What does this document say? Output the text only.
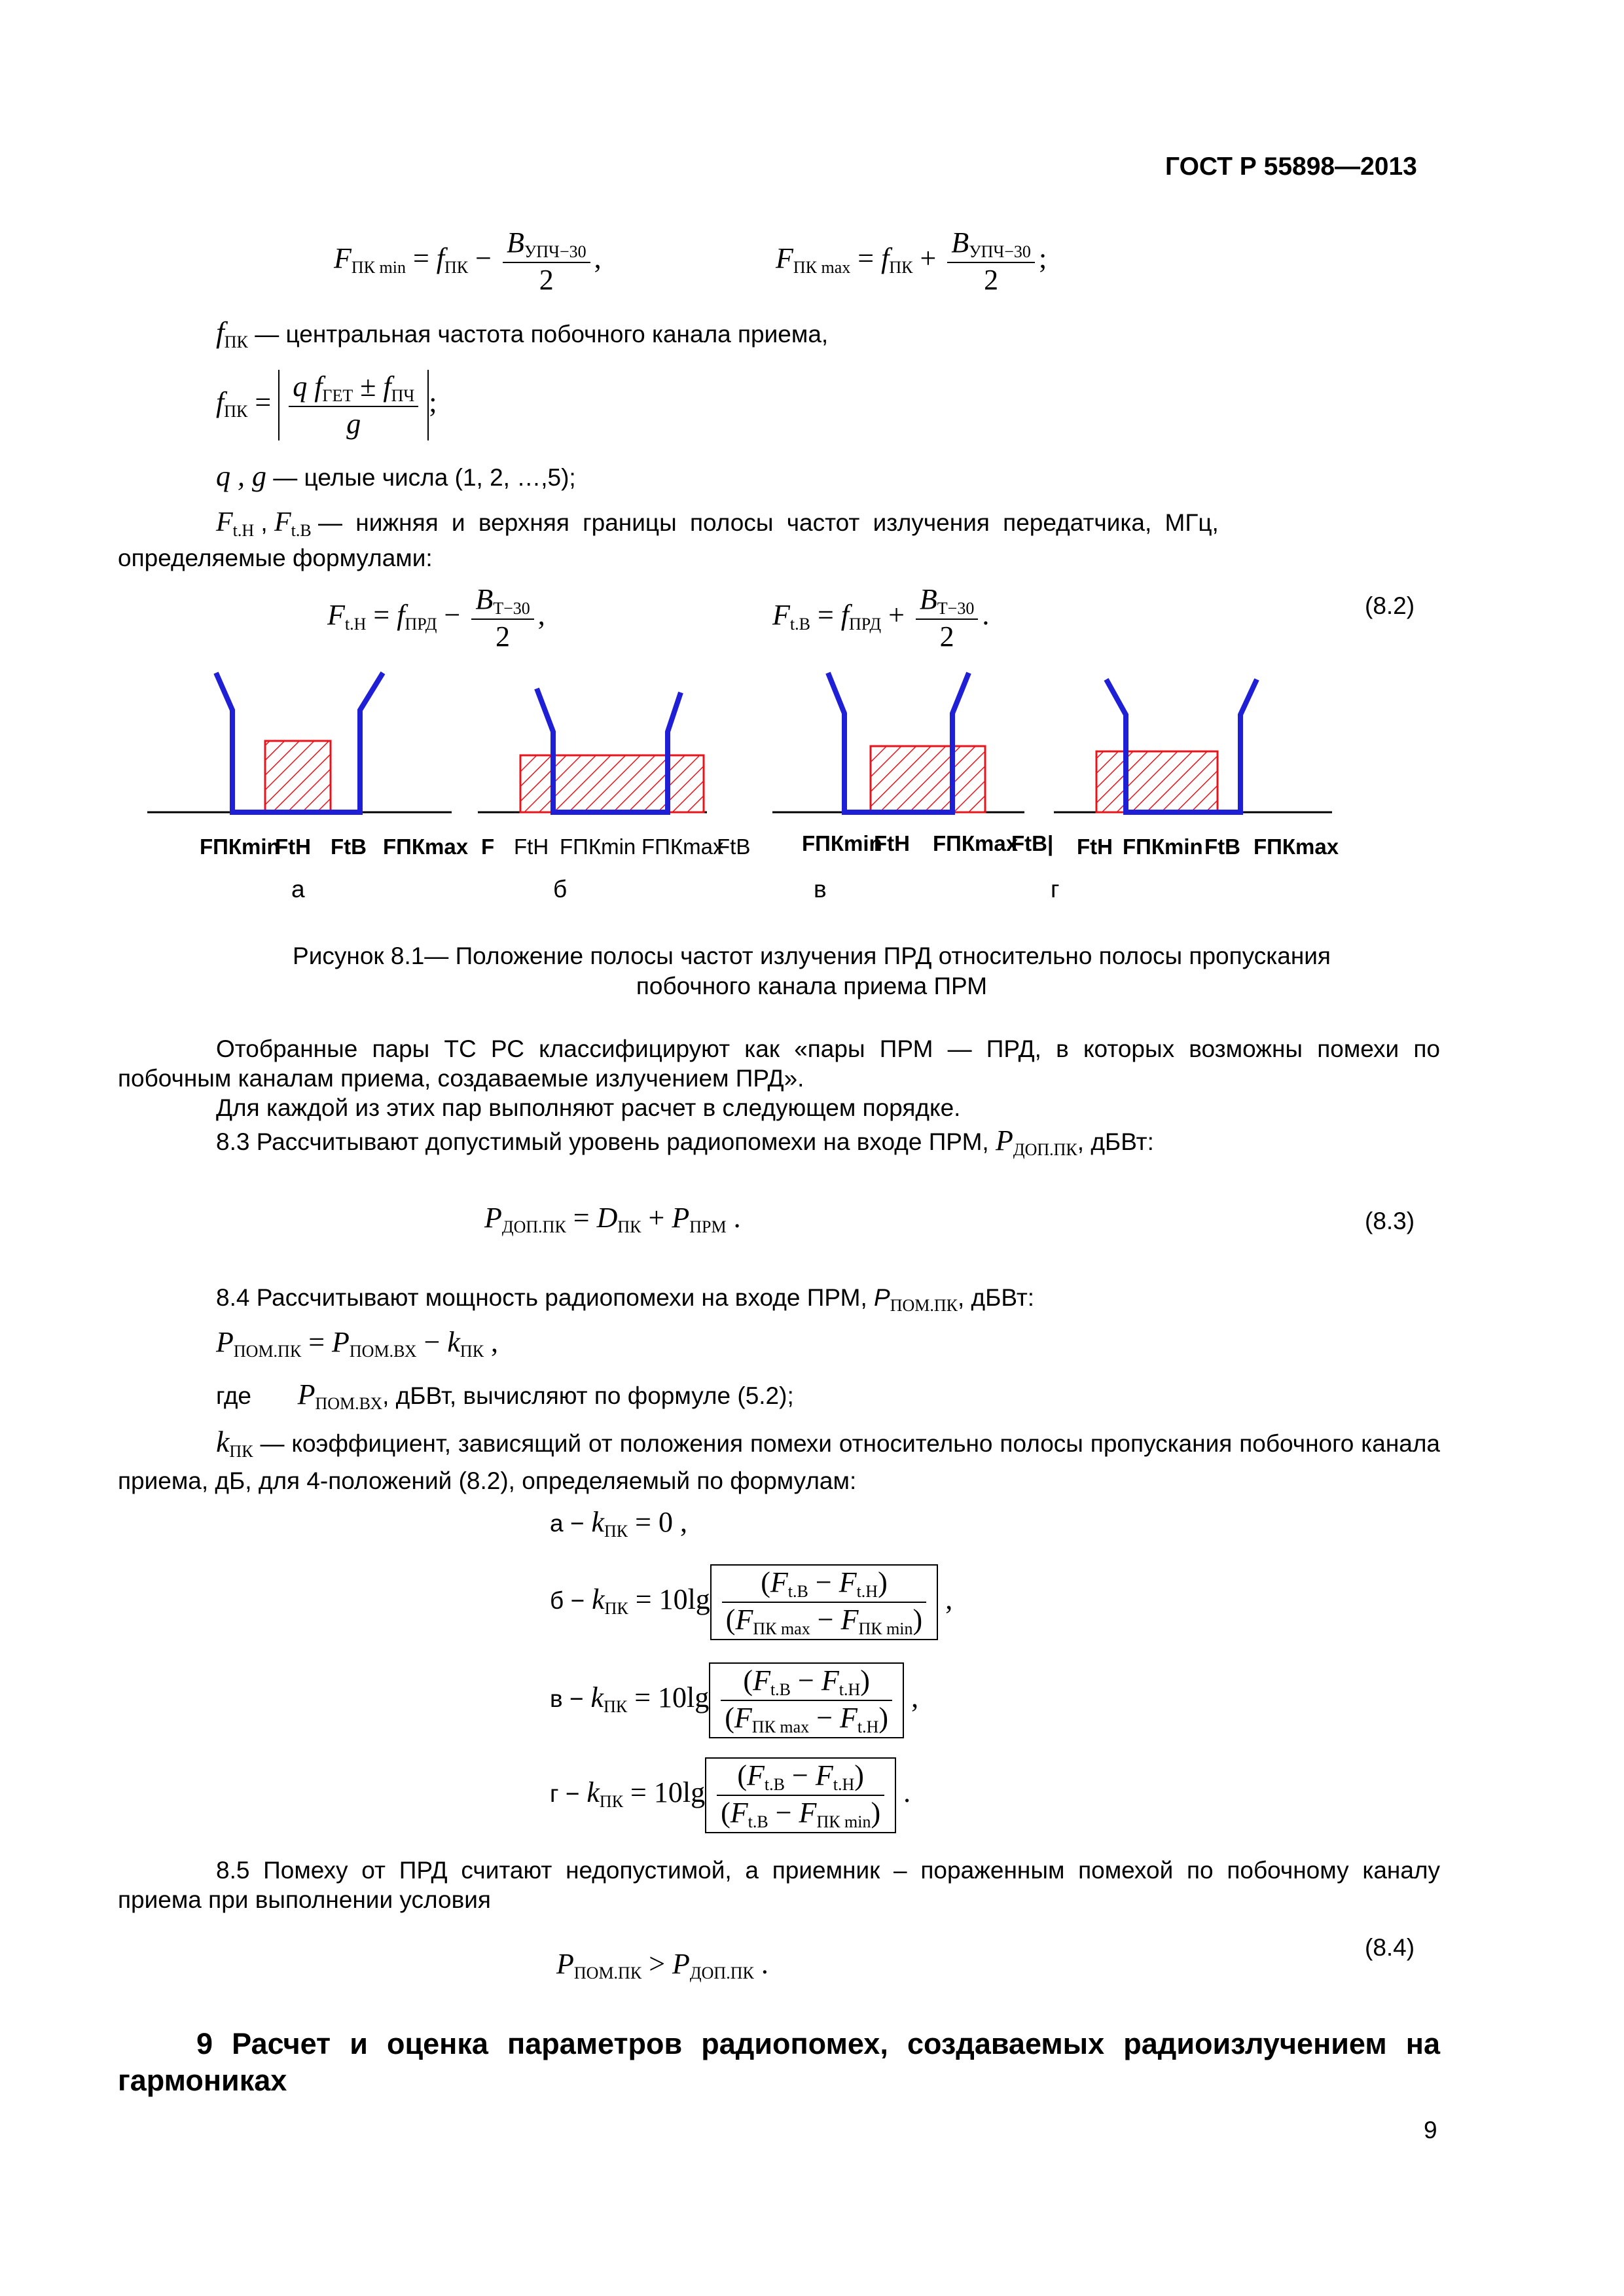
ГОСТ Р 55898—2013
$F_{ПК min} = f_{ПК} - \frac{B_{УПЧ-30}}{2}$ ,	$F_{ПК max} = f_{ПК} + \frac{B_{УПЧ-30}}{2}$ ;
$f_{ПК}$ — центральная частота побочного канала приема,
$f_{ПК} = \frac{q f_{ГЕТ} \pm f_{ПЧ}}{g}$ ;
q , g — целые числа (1, 2, …,5);
$F_{t.Н}$ , $F_{t.В}$ — нижняя и верхняя границы полосы частот излучения передатчика, МГц,
определяемые формулами:
$F_{t.Н} = f_{ПРД} - \frac{B_{Т-30}}{2}$ ,	$F_{t.В} = f_{ПРД} + \frac{B_{Т-30}}{2}$ .	(8.2)
FПКmin
FtН FtВ FПКmax F FtН FПКmin FПКmax
FtВ FПКmin
FtН FПКmax
FtВ| FtН FПКmin FtВ FПКmax
а	б	в	г
Рисунок 8.1— Положение полосы частот излучения ПРД относительно полосы пропускания
побочного канала приема ПРМ
Отобранные пары ТС РС классифицируют как «пары ПРМ — ПРД, в которых возможны помехи по побочным каналам приема, создаваемые излучением ПРД».
Для каждой из этих пар выполняют расчет в следующем порядке.
8.3 Рассчитывают допустимый уровень радиопомехи на входе ПРМ, $P_{ДОП.ПК}$, дБВт:
$P_{ДОП.ПК} = D_{ПК} + P_{ПРМ}$ .	(8.3)
8.4 Рассчитывают мощность радиопомехи на входе ПРМ, $P_{ПОМ.ПК}$, дБВт:
$P_{ПОМ.ПК} = P_{ПОМ.ВХ} - k_{ПК}$ ,
где $P_{ПОМ.ВХ}$, дБВт, вычисляют по формуле (5.2);
$k_{ПК}$ — коэффициент, зависящий от положения помехи относительно полосы пропускания побочного канала приема, дБ, для 4-положений (8.2), определяемый по формулам:
$а - k_{ПК} = 0$ ,
$б - k_{ПК} = 10\lg \frac{(F_{t.В} - F_{t.Н})}{(F_{ПК max} - F_{ПК min})}$ ,
$в - k_{ПК} = 10\lg \frac{(F_{t.В} - F_{t.Н})}{(F_{ПК max} - F_{t.Н})}$ ,
$г - k_{ПК} = 10\lg \frac{(F_{t.В} - F_{t.Н})}{(F_{t.В} - F_{ПК min})}$ .
8.5 Помеху от ПРД считают недопустимой, а приемник – пораженным помехой по побочному каналу приема при выполнении условия
$P_{ПОМ.ПК} > P_{ДОП.ПК}$ .
(8.4)
9 Расчет и оценка параметров радиопомех, создаваемых радиоизлучением на гармониках
9
